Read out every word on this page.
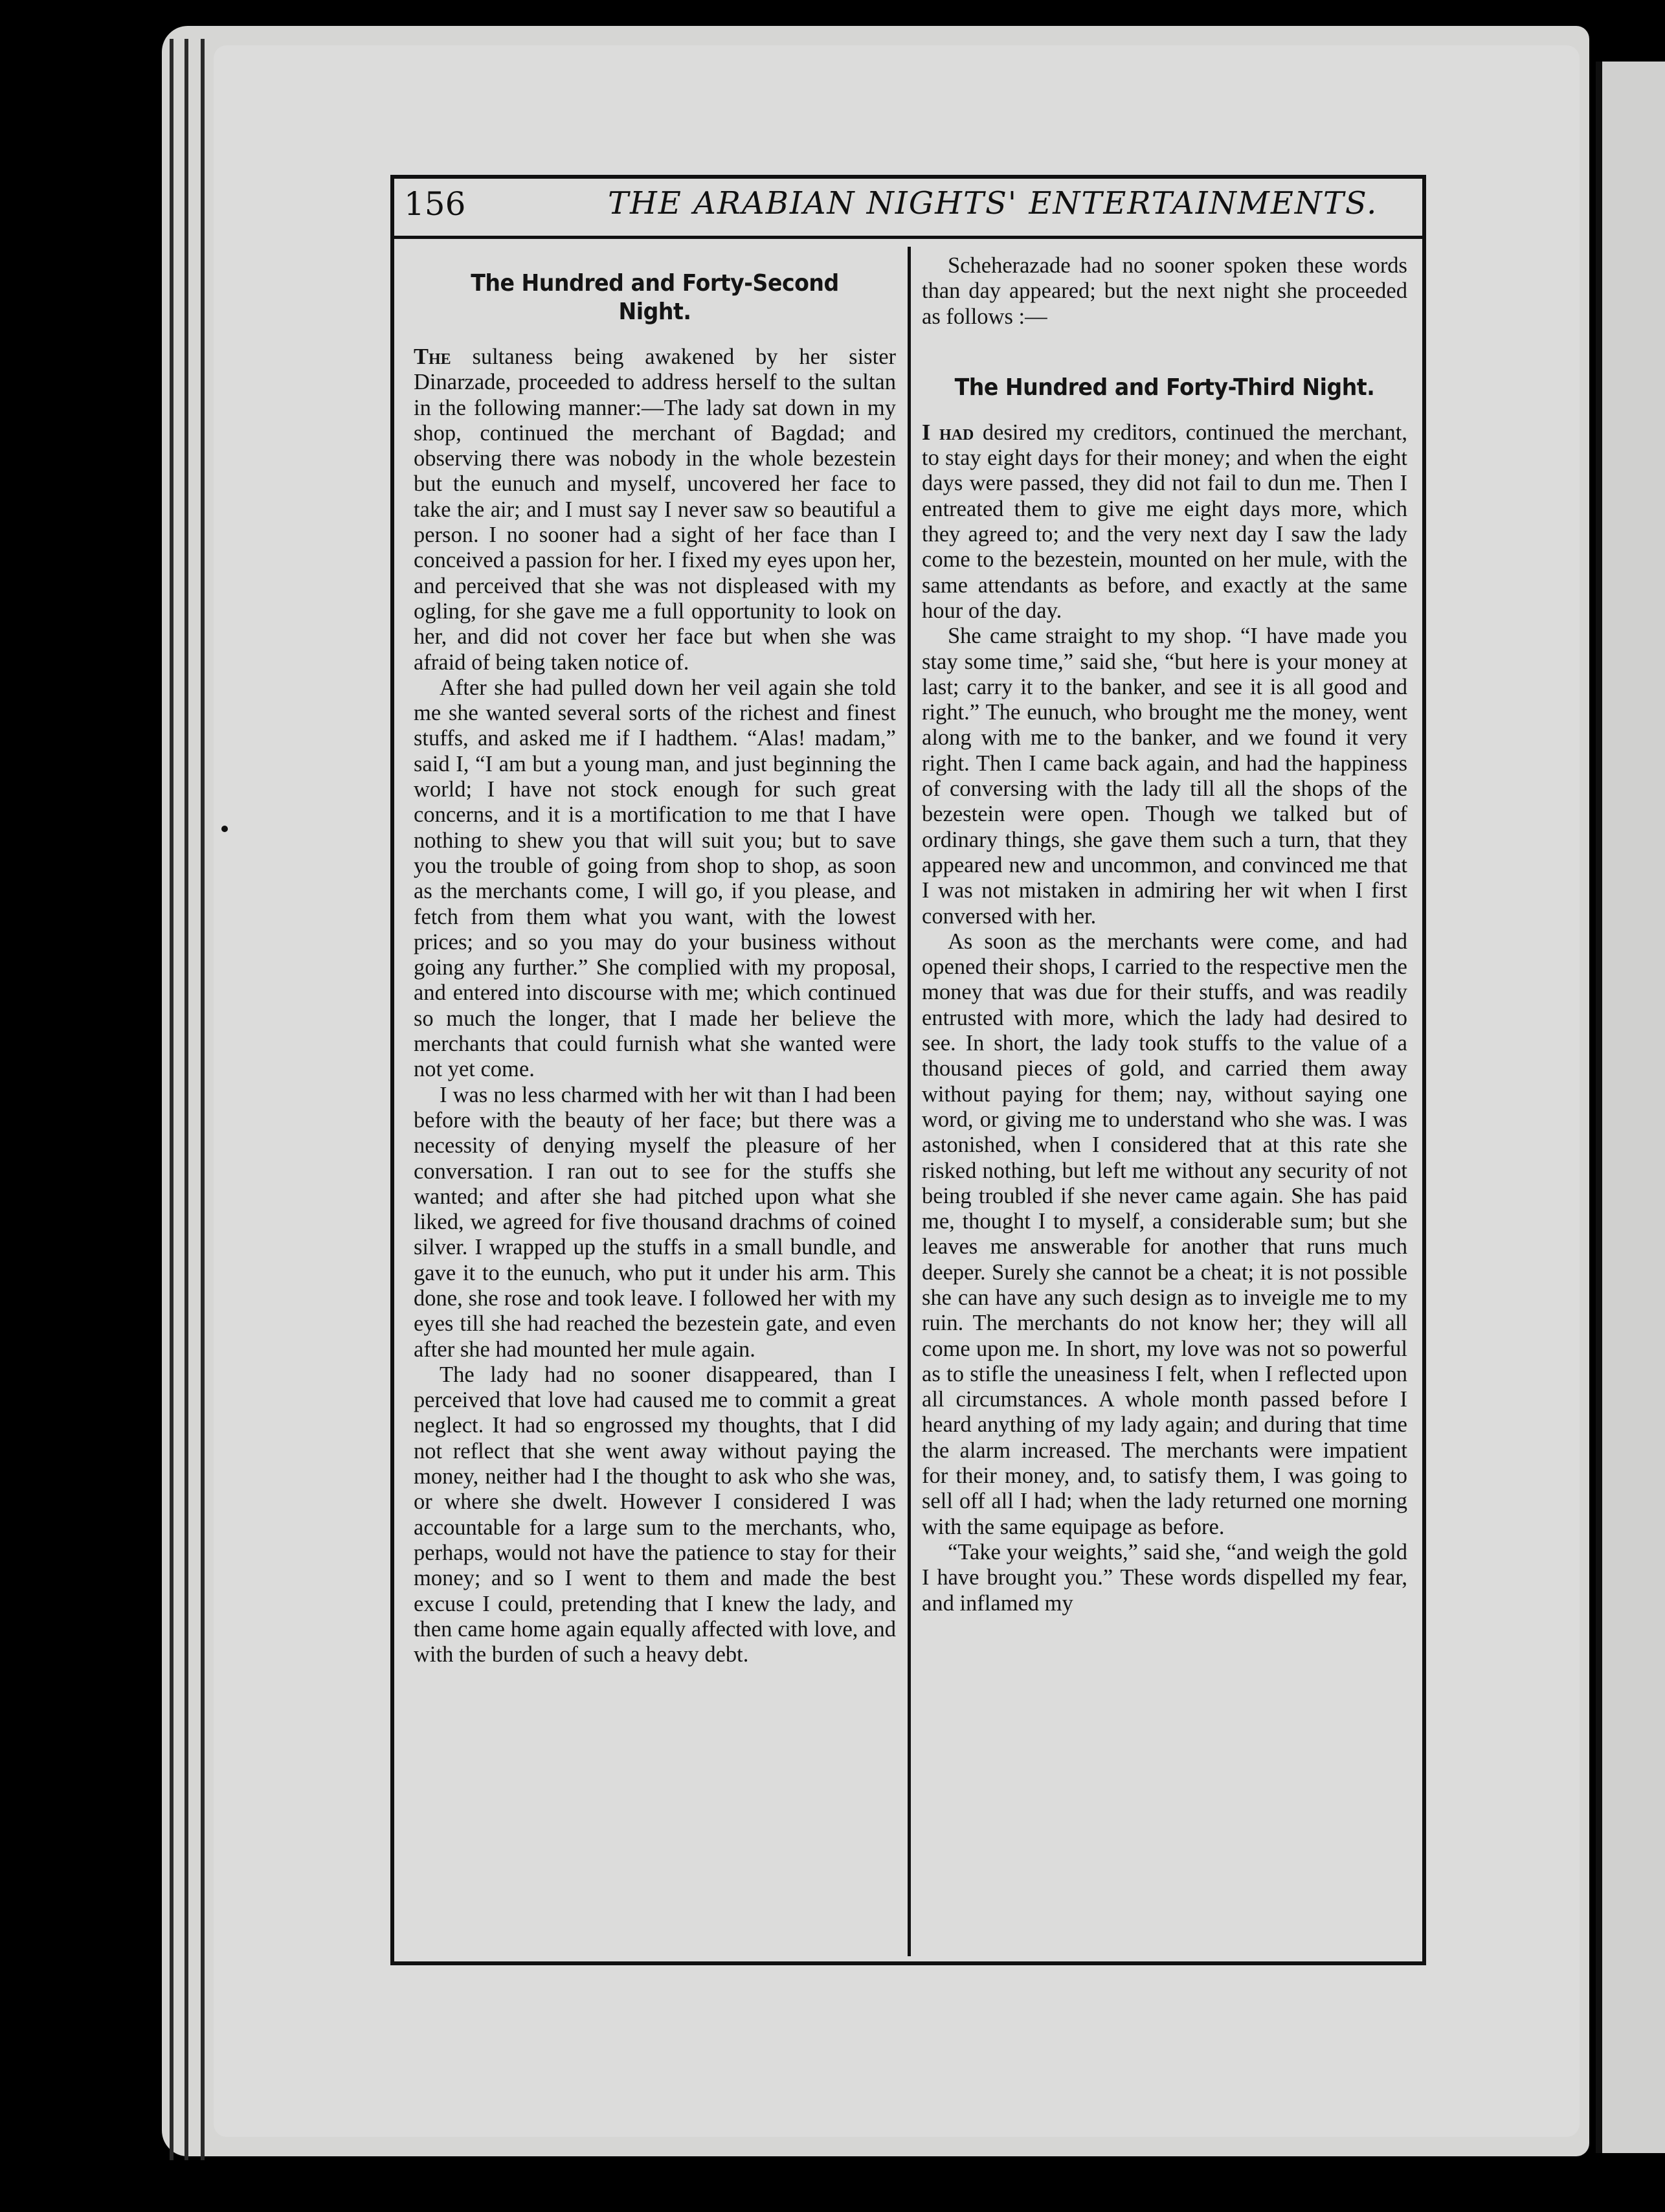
156	THE ARABIAN NIGHTS' ENTERTAINMENTS.
The Hundred and Forty-Second Night.

The sultaness being awakened by her sister Dinarzade, proceeded to address herself to the sultan in the following manner:—The lady sat down in my shop, continued the merchant of Bagdad; and observing there was nobody in the whole bezestein but the eunuch and myself, uncovered her face to take the air; and I must say I never saw so beautiful a person. I no sooner had a sight of her face than I conceived a passion for her. I fixed my eyes upon her, and perceived that she was not displeased with my ogling, for she gave me a full opportunity to look on her, and did not cover her face but when she was afraid of being taken notice of.

After she had pulled down her veil again she told me she wanted several sorts of the richest and finest stuffs, and asked me if I hadthem. “Alas! madam,” said I, “I am but a young man, and just beginning the world; I have not stock enough for such great concerns, and it is a mortification to me that I have nothing to shew you that will suit you; but to save you the trouble of going from shop to shop, as soon as the merchants come, I will go, if you please, and fetch from them what you want, with the lowest prices; and so you may do your business without going any further.” She complied with my proposal, and entered into discourse with me; which continued so much the longer, that I made her believe the merchants that could furnish what she wanted were not yet come.

I was no less charmed with her wit than I had been before with the beauty of her face; but there was a necessity of denying myself the pleasure of her conversation. I ran out to see for the stuffs she wanted; and after she had pitched upon what she liked, we agreed for five thousand drachms of coined silver. I wrapped up the stuffs in a small bundle, and gave it to the eunuch, who put it under his arm. This done, she rose and took leave. I followed her with my eyes till she had reached the bezestein gate, and even after she had mounted her mule again.

The lady had no sooner disappeared, than I perceived that love had caused me to commit a great neglect. It had so engrossed my thoughts, that I did not reflect that she went away without paying the money, neither had I the thought to ask who she was, or where she dwelt. However I considered I was accountable for a large sum to the merchants, who, perhaps, would not have the patience to stay for their money; and so I went to them and made the best excuse I could, pretending that I knew the lady, and then came home again equally affected with love, and with the burden of such a heavy debt.

Scheherazade had no sooner spoken these words than day appeared; but the next night she proceeded as follows :—

The Hundred and Forty-Third Night.

I had desired my creditors, continued the merchant, to stay eight days for their money; and when the eight days were passed, they did not fail to dun me. Then I entreated them to give me eight days more, which they agreed to; and the very next day I saw the lady come to the bezestein, mounted on her mule, with the same attendants as before, and exactly at the same hour of the day.

She came straight to my shop. “I have made you stay some time,” said she, “but here is your money at last; carry it to the banker, and see it is all good and right.” The eunuch, who brought me the money, went along with me to the banker, and we found it very right. Then I came back again, and had the happiness of conversing with the lady till all the shops of the bezestein were open. Though we talked but of ordinary things, she gave them such a turn, that they appeared new and uncommon, and convinced me that I was not mistaken in admiring her wit when I first conversed with her.

As soon as the merchants were come, and had opened their shops, I carried to the respective men the money that was due for their stuffs, and was readily entrusted with more, which the lady had desired to see. In short, the lady took stuffs to the value of a thousand pieces of gold, and carried them away without paying for them; nay, without saying one word, or giving me to understand who she was. I was astonished, when I considered that at this rate she risked nothing, but left me without any security of not being troubled if she never came again. She has paid me, thought I to myself, a considerable sum; but she leaves me answerable for another that runs much deeper. Surely she cannot be a cheat; it is not possible she can have any such design as to inveigle me to my ruin. The merchants do not know her; they will all come upon me. In short, my love was not so powerful as to stifle the uneasiness I felt, when I reflected upon all circumstances. A whole month passed before I heard anything of my lady again; and during that time the alarm increased. The merchants were impatient for their money, and, to satisfy them, I was going to sell off all I had; when the lady returned one morning with the same equipage as before.

“Take your weights,” said she, “and weigh the gold I have brought you.” These words dispelled my fear, and inflamed my
